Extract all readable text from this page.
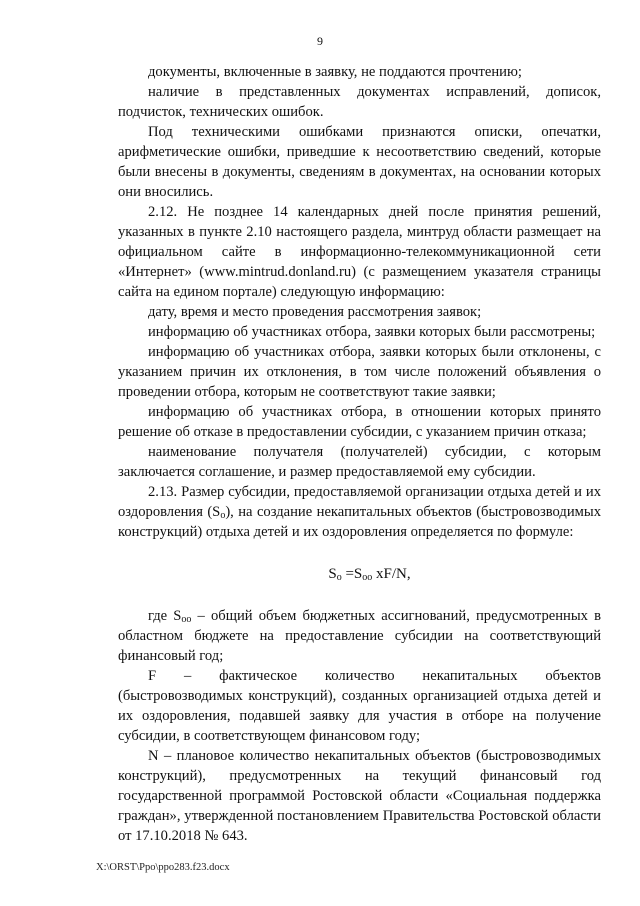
9

документы, включенные в заявку, не поддаются прочтению;

наличие в представленных документах исправлений, дописок, подчисток, технических ошибок.

Под техническими ошибками признаются описки, опечатки, арифметические ошибки, приведшие к несоответствию сведений, которые были внесены в документы, сведениям в документах, на основании которых они вносились.

2.12. Не позднее 14 календарных дней после принятия решений, указанных в пункте 2.10 настоящего раздела, минтруд области размещает на официальном сайте в информационно-телекоммуникационной сети «Интернет» (www.mintrud.donland.ru) (с размещением указателя страницы сайта на едином портале) следующую информацию:

дату, время и место проведения рассмотрения заявок;

информацию об участниках отбора, заявки которых были рассмотрены;

информацию об участниках отбора, заявки которых были отклонены, с указанием причин их отклонения, в том числе положений объявления о проведении отбора, которым не соответствуют такие заявки;

информацию об участниках отбора, в отношении которых принято решение об отказе в предоставлении субсидии, с указанием причин отказа;

наименование получателя (получателей) субсидии, с которым заключается соглашение, и размер предоставляемой ему субсидии.

2.13. Размер субсидии, предоставляемой организации отдыха детей и их оздоровления $(S_o)$, на создание некапитальных объектов (быстровозводимых конструкций) отдыха детей и их оздоровления определяется по формуле:

$S_o =S_{oo}$ xF/N,

где $S_{oo}$ – общий объем бюджетных ассигнований, предусмотренных в областном бюджете на предоставление субсидии на соответствующий финансовый год;

F – фактическое количество некапитальных объектов (быстровозводимых конструкций), созданных организацией отдыха детей и их оздоровления, подавшей заявку для участия в отборе на получение субсидии, в соответствующем финансовом году;

N – плановое количество некапитальных объектов (быстровозводимых конструкций), предусмотренных на текущий финансовый год государственной программой Ростовской области «Социальная поддержка граждан», утвержденной постановлением Правительства Ростовской области от 17.10.2018 № 643.

X:\ORST\Ppo\ppo283.f23.docx
